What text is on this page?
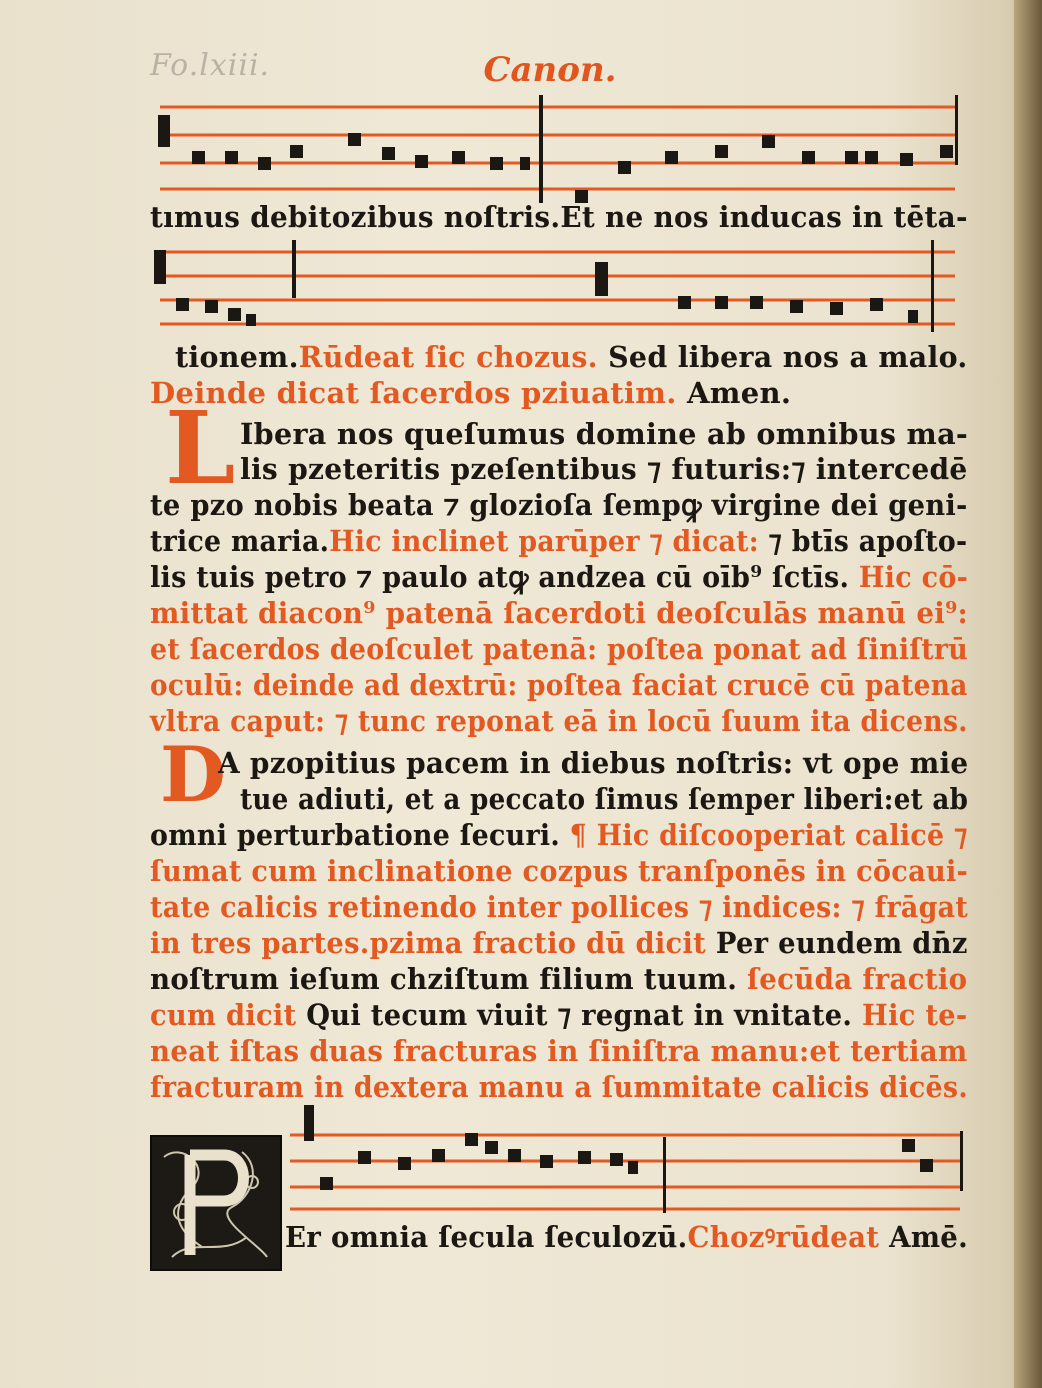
Fo.lxiii.	Canon.
tımus debitozibus noſtris.Et ne nos inducas in tēta-
tionem.Rūdeat ſic chozus. Sed libera nos a malo.
Deinde dicat ſacerdos pziuatim. Amen.
L Ibera nos queſumus domine ab omnibus ma-
lis pzeteritis pzeſentibus ⁊ futuris:⁊ intercedē
te pzo nobis beata ⁊ glozioſa ſempꝙ virgine dei geni-
trice maria.Hic inclinet parūper ⁊ dicat: ⁊ btīs apoſto-
lis tuis petro ⁊ paulo atꝙ andzea cū oīb⁹ ſctīs. Hic cō-
mittat diacon⁹ patenā ſacerdoti deoſculās manū ei⁹:
et ſacerdos deoſculet patenā: poſtea ponat ad ſiniſtrū
oculū: deinde ad dextrū: poſtea faciat crucē cū patena
vltra caput: ⁊ tunc reponat eā in locū ſuum ita dicens.
D
A pzopitius pacem in diebus noſtris: vt ope mie
tue adiuti, et a peccato ſimus ſemper liberi:et ab
omni perturbatione ſecuri. ¶ Hic diſcooperiat calicē ⁊
ſumat cum inclinatione cozpus tranſponēs in cōcaui-
tate calicis retinendo inter pollices ⁊ indices: ⁊ frāgat
in tres partes.pzima fractio dū dicit Per eundem dn̄z
noſtrum ieſum chziſtum filium tuum. ſecūda fractio
cum dicit Qui tecum viuit ⁊ regnat in vnitate. Hic te-
neat iſtas duas fracturas in ſiniſtra manu:et tertiam
fracturam in dextera manu a ſummitate calicis dicēs.
Er omnia ſecula ſeculozū.Chozꝰrūdeat Amē.
